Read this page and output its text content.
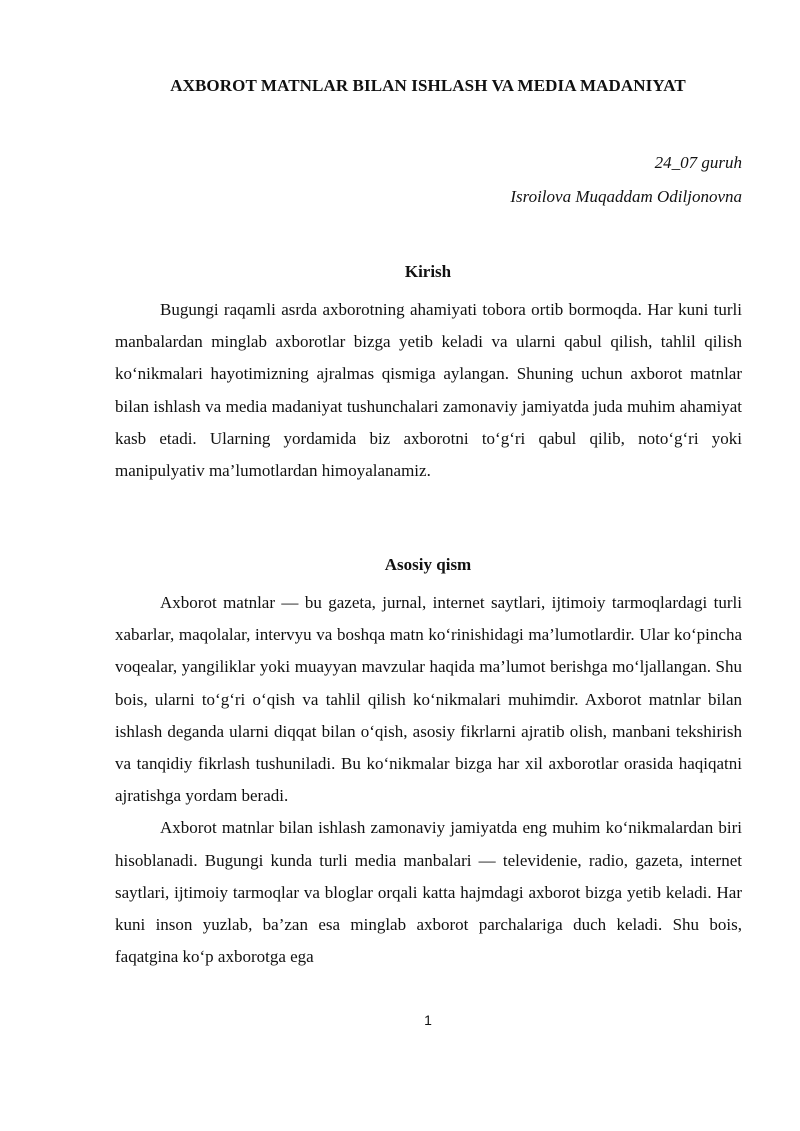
AXBOROT MATNLAR BILAN ISHLASH VA MEDIA MADANIYAT
24_07 guruh
Isroilova Muqaddam Odiljonovna
Kirish

Bugungi raqamli asrda axborotning ahamiyati tobora ortib bormoqda. Har kuni turli manbalardan minglab axborotlar bizga yetib keladi va ularni qabul qilish, tahlil qilish ko‘nikmalari hayotimizning ajralmas qismiga aylangan. Shuning uchun axborot matnlar bilan ishlash va media madaniyat tushunchalari zamonaviy jamiyatda juda muhim ahamiyat kasb etadi. Ularning yordamida biz axborotni to‘g‘ri qabul qilib, noto‘g‘ri yoki manipulyativ ma’lumotlardan himoyalanamiz.

Asosiy qism

Axborot matnlar — bu gazeta, jurnal, internet saytlari, ijtimoiy tarmoqlardagi turli xabarlar, maqolalar, intervyu va boshqa matn ko‘rinishidagi ma’lumotlardir. Ular ko‘pincha voqealar, yangiliklar yoki muayyan mavzular haqida ma’lumot berishga mo‘ljallangan. Shu bois, ularni to‘g‘ri o‘qish va tahlil qilish ko‘nikmalari muhimdir. Axborot matnlar bilan ishlash deganda ularni diqqat bilan o‘qish, asosiy fikrlarni ajratib olish, manbani tekshirish va tanqidiy fikrlash tushuniladi. Bu ko‘nikmalar bizga har xil axborotlar orasida haqiqatni ajratishga yordam beradi.

Axborot matnlar bilan ishlash zamonaviy jamiyatda eng muhim ko‘nikmalardan biri hisoblanadi. Bugungi kunda turli media manbalari — televidenie, radio, gazeta, internet saytlari, ijtimoiy tarmoqlar va bloglar orqali katta hajmdagi axborot bizga yetib keladi. Har kuni inson yuzlab, ba’zan esa minglab axborot parchalariga duch keladi. Shu bois, faqatgina ko‘p axborotga ega

1
